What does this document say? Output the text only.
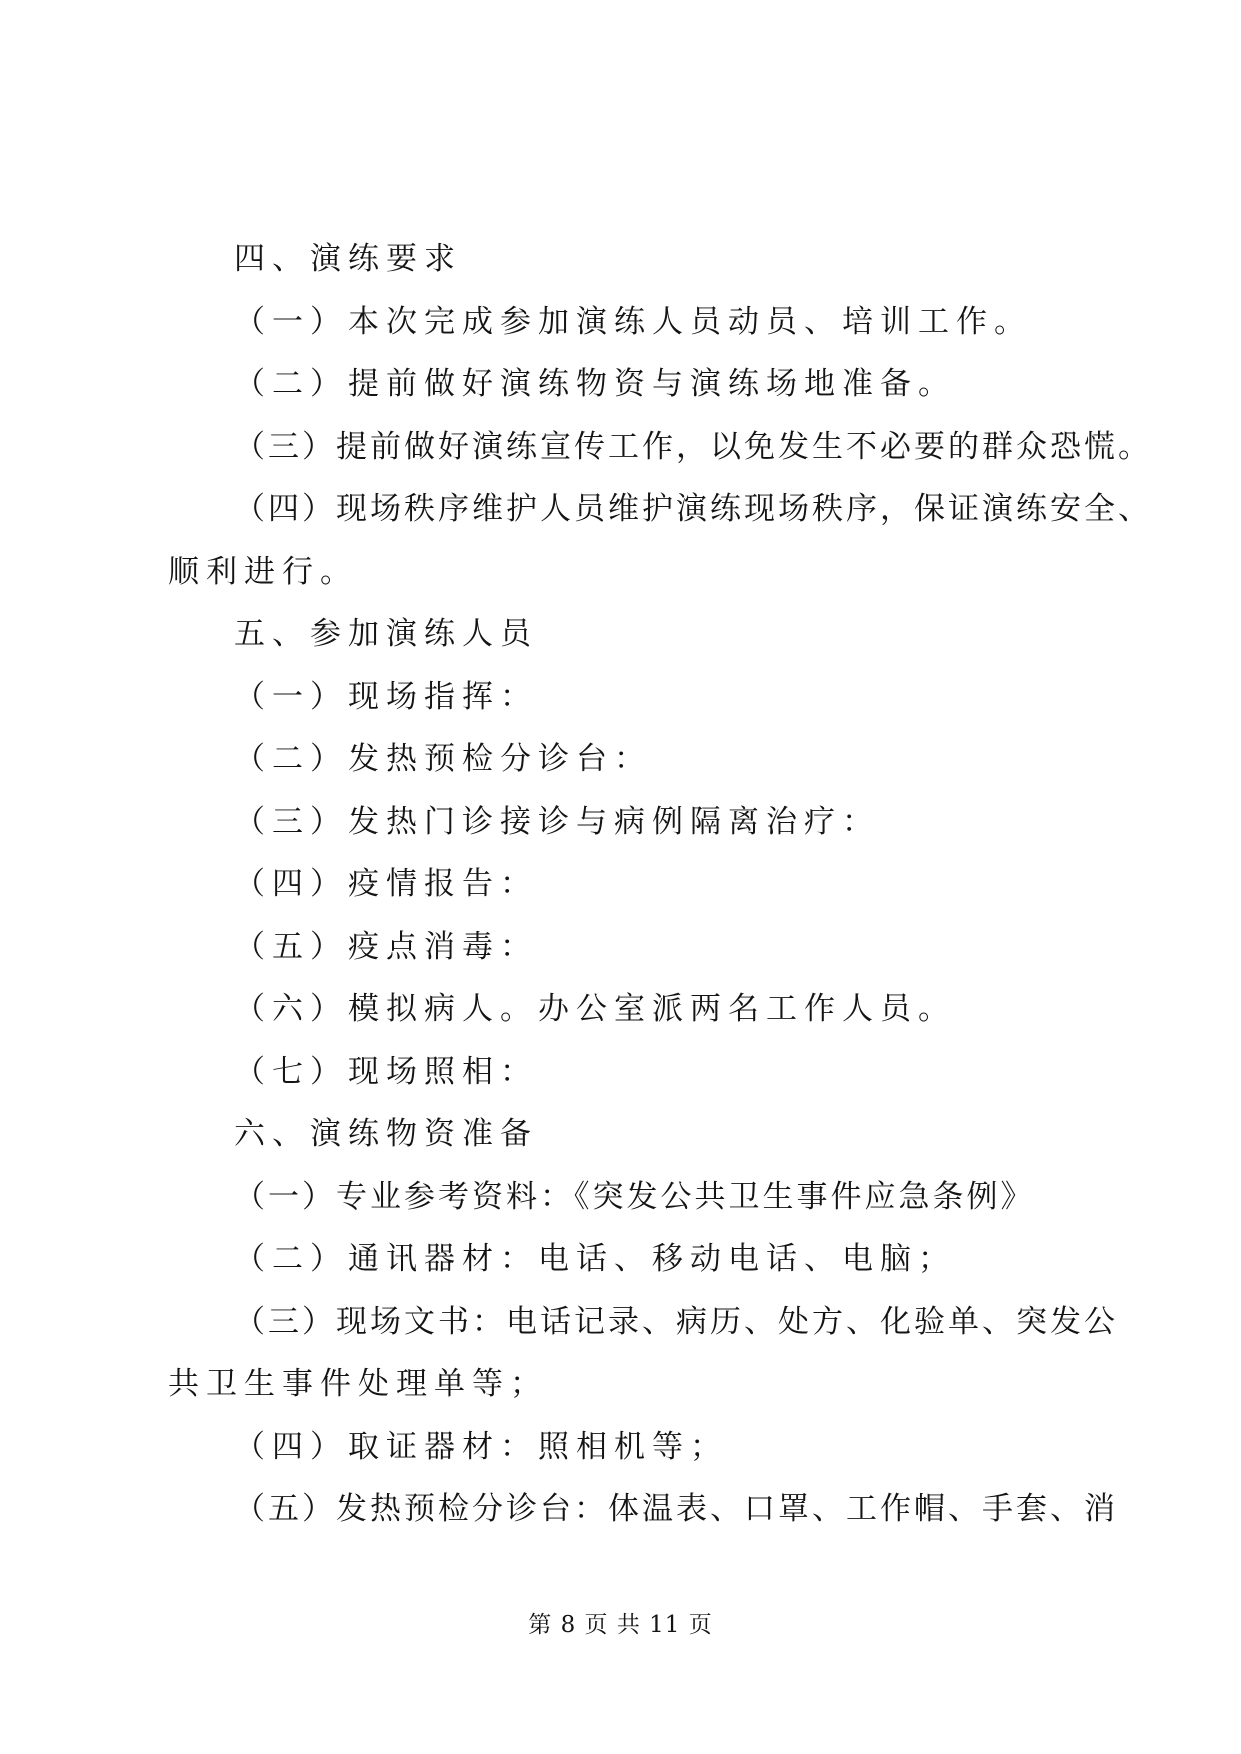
四、演练要求
（一）本次完成参加演练人员动员、培训工作。
（二）提前做好演练物资与演练场地准备。
（三）提前做好演练宣传工作，以免发生不必要的群众恐慌。
（四）现场秩序维护人员维护演练现场秩序，保证演练安全、
顺利进行。
五、参加演练人员
（一）现场指挥：
（二）发热预检分诊台：
（三）发热门诊接诊与病例隔离治疗：
（四）疫情报告：
（五）疫点消毒：
（六）模拟病人。办公室派两名工作人员。
（七）现场照相：
六、演练物资准备
（一）专业参考资料：《突发公共卫生事件应急条例》
（二）通讯器材：电话、移动电话、电脑；
（三）现场文书：电话记录、病历、处方、化验单、突发公
共卫生事件处理单等；
（四）取证器材：照相机等；
（五）发热预检分诊台：体温表、口罩、工作帽、手套、消
第 8 页 共 11 页
